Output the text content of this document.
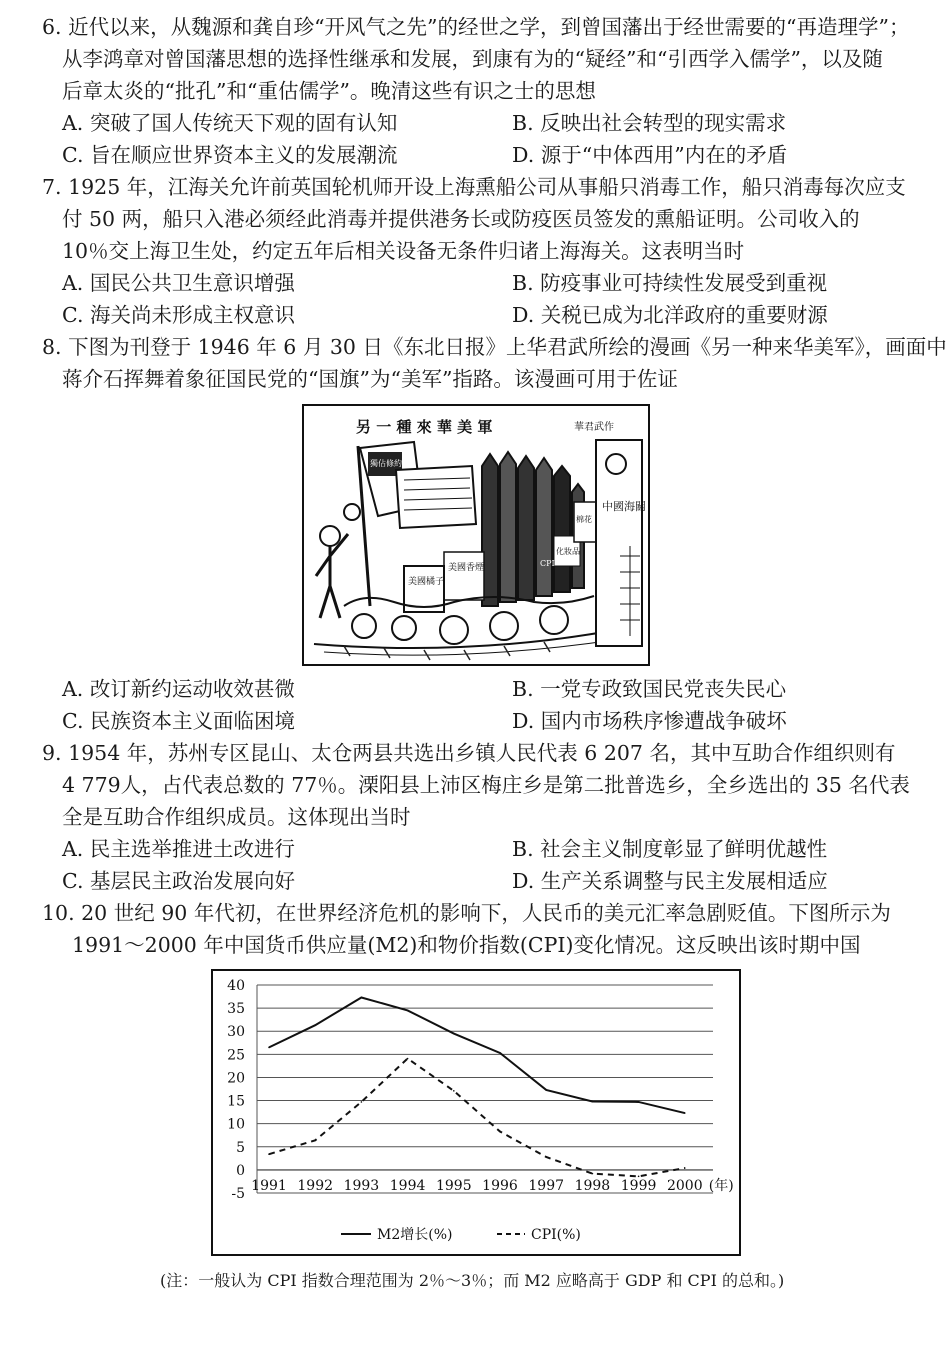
6. 近代以来，从魏源和龚自珍“开风气之先”的经世之学，到曾国藩出于经世需要的“再造理学”；
从李鸿章对曾国藩思想的选择性继承和发展，到康有为的“疑经”和“引西学入儒学”，以及随
后章太炎的“批孔”和“重估儒学”。晚清这些有识之士的思想
A. 突破了国人传统天下观的固有认知	B. 反映出社会转型的现实需求
C. 旨在顺应世界资本主义的发展潮流	D. 源于“中体西用”内在的矛盾
7. 1925 年，江海关允许前英国轮机师开设上海熏船公司从事船只消毒工作，船只消毒每次应支
付 50 两，船只入港必须经此消毒并提供港务长或防疫医员签发的熏船证明。公司收入的
10％交上海卫生处，约定五年后相关设备无条件归诸上海海关。这表明当时
A. 国民公共卫生意识增强	B. 防疫事业可持续性发展受到重视
C. 海关尚未形成主权意识	D. 关税已成为北洋政府的重要财源
8. 下图为刊登于 1946 年 6 月 30 日《东北日报》上华君武所绘的漫画《另一种来华美军》，画面中
蒋介石挥舞着象征国民党的“国旗”为“美军”指路。该漫画可用于佐证
另 一 種 來 華 美 軍	華君武作
獨佔條約
美國香煙
化妝品
CPI
美國橘子
棉花
中國海關
A. 改订新约运动收效甚微	B. 一党专政致国民党丧失民心
C. 民族资本主义面临困境	D. 国内市场秩序惨遭战争破坏
9. 1954 年，苏州专区昆山、太仓两县共选出乡镇人民代表 6 207 名，其中互助合作组织则有
4 779人，占代表总数的 77％。溧阳县上沛区梅庄乡是第二批普选乡，全乡选出的 35 名代表
全是互助合作组织成员。这体现出当时
A. 民主选举推进土改进行	B. 社会主义制度彰显了鲜明优越性
C. 基层民主政治发展向好	D. 生产关系调整与民主发展相适应
10. 20 世纪 90 年代初，在世界经济危机的影响下，人民币的美元汇率急剧贬值。下图所示为
1991～2000 年中国货币供应量(M2)和物价指数(CPI)变化情况。这反映出该时期中国
40
35
30
25
20
15
10
5
0
-5
1991 1992 1993 1994 1995 1996 1997 1998 1999 2000 (年)
M2增长(%)	CPI(%)
(注：一般认为 CPI 指数合理范围为 2％～3％；而 M2 应略高于 GDP 和 CPI 的总和。)
